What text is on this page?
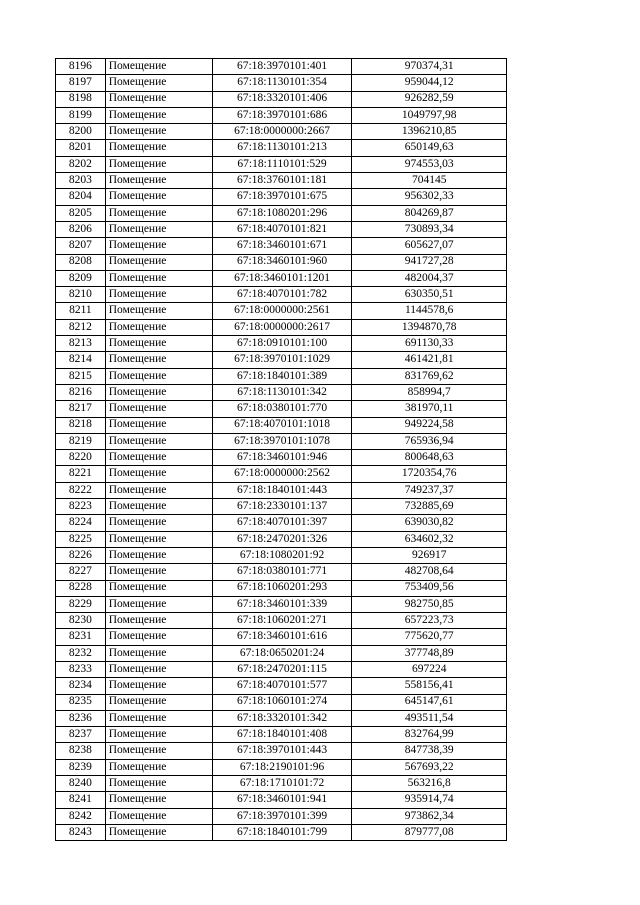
8196	Помещение	67:18:3970101:401	970374,31
8197	Помещение	67:18:1130101:354	959044,12
8198	Помещение	67:18:3320101:406	926282,59
8199	Помещение	67:18:3970101:686	1049797,98
8200	Помещение	67:18:0000000:2667	1396210,85
8201	Помещение	67:18:1130101:213	650149,63
8202	Помещение	67:18:1110101:529	974553,03
8203	Помещение	67:18:3760101:181	704145
8204	Помещение	67:18:3970101:675	956302,33
8205	Помещение	67:18:1080201:296	804269,87
8206	Помещение	67:18:4070101:821	730893,34
8207	Помещение	67:18:3460101:671	605627,07
8208	Помещение	67:18:3460101:960	941727,28
8209	Помещение	67:18:3460101:1201	482004,37
8210	Помещение	67:18:4070101:782	630350,51
8211	Помещение	67:18:0000000:2561	1144578,6
8212	Помещение	67:18:0000000:2617	1394870,78
8213	Помещение	67:18:0910101:100	691130,33
8214	Помещение	67:18:3970101:1029	461421,81
8215	Помещение	67:18:1840101:389	831769,62
8216	Помещение	67:18:1130101:342	858994,7
8217	Помещение	67:18:0380101:770	381970,11
8218	Помещение	67:18:4070101:1018	949224,58
8219	Помещение	67:18:3970101:1078	765936,94
8220	Помещение	67:18:3460101:946	800648,63
8221	Помещение	67:18:0000000:2562	1720354,76
8222	Помещение	67:18:1840101:443	749237,37
8223	Помещение	67:18:2330101:137	732885,69
8224	Помещение	67:18:4070101:397	639030,82
8225	Помещение	67:18:2470201:326	634602,32
8226	Помещение	67:18:1080201:92	926917
8227	Помещение	67:18:0380101:771	482708,64
8228	Помещение	67:18:1060201:293	753409,56
8229	Помещение	67:18:3460101:339	982750,85
8230	Помещение	67:18:1060201:271	657223,73
8231	Помещение	67:18:3460101:616	775620,77
8232	Помещение	67:18:0650201:24	377748,89
8233	Помещение	67:18:2470201:115	697224
8234	Помещение	67:18:4070101:577	558156,41
8235	Помещение	67:18:1060101:274	645147,61
8236	Помещение	67:18:3320101:342	493511,54
8237	Помещение	67:18:1840101:408	832764,99
8238	Помещение	67:18:3970101:443	847738,39
8239	Помещение	67:18:2190101:96	567693,22
8240	Помещение	67:18:1710101:72	563216,8
8241	Помещение	67:18:3460101:941	935914,74
8242	Помещение	67:18:3970101:399	973862,34
8243	Помещение	67:18:1840101:799	879777,08
